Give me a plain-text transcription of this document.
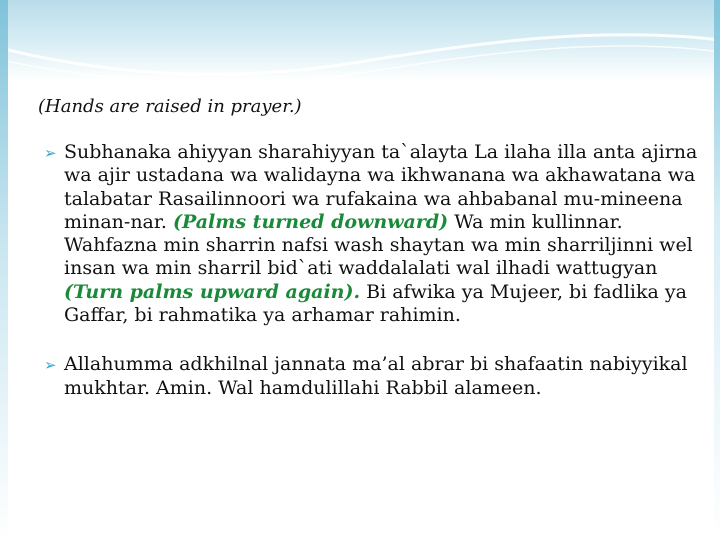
(Hands are raised in prayer.)
➢ Subhanaka ahiyyan sharahiyyan ta`alayta La ilaha illa anta ajirna wa ajir ustadana wa walidayna wa ikhwanana wa akhawatana wa talabatar Rasailinnoori wa rufakaina wa ahbabanal mu-mineena minan-nar. (Palms turned downward) Wa min kullinnar. Wahfazna min sharrin nafsi wash shaytan wa min sharriljinni wel insan wa min sharril bid`ati waddalalati wal ilhadi wattugyan (Turn palms upward again). Bi afwika ya Mujeer, bi fadlika ya Gaffar, bi rahmatika ya arhamar rahimin.
➢ Allahumma adkhilnal jannata ma’al abrar bi shafaatin nabiyyikal mukhtar. Amin. Wal hamdulillahi Rabbil alameen.
